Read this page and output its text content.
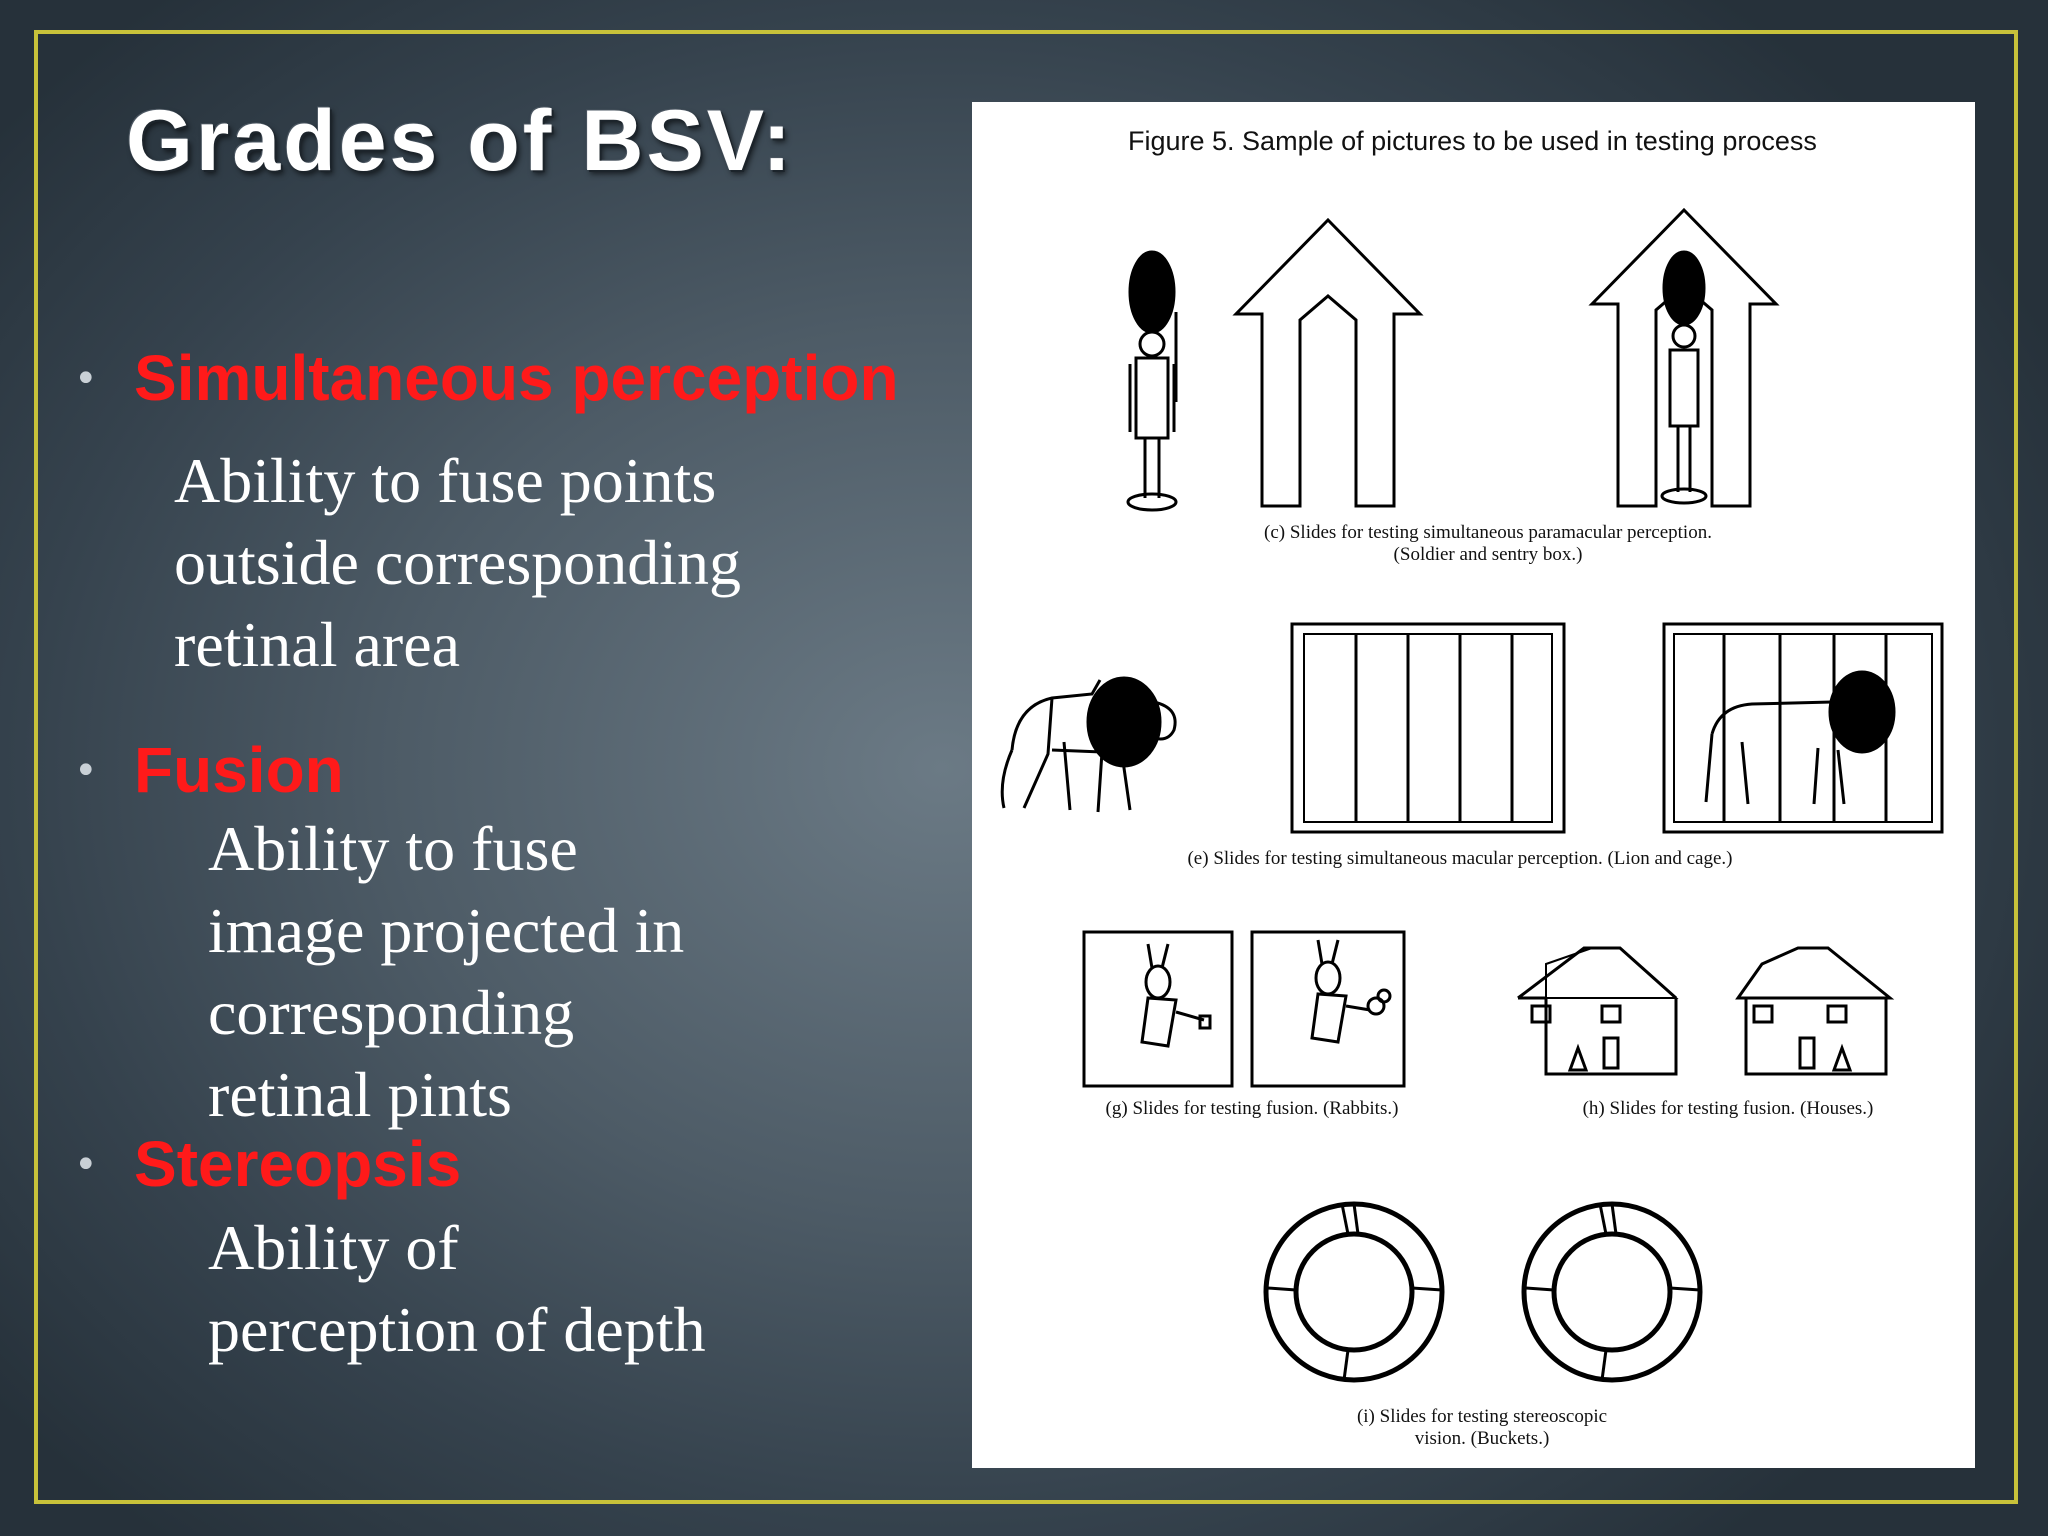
Grades of BSV:
• Simultaneous perception
Ability to fuse points
outside corresponding
retinal area
• Fusion
Ability to fuse
image projected in
corresponding
retinal pints
• Stereopsis
Ability of
perception of depth
Figure 5. Sample of pictures to be used in testing process
(c) Slides for testing simultaneous paramacular perception.
(Soldier and sentry box.)
(e) Slides for testing simultaneous macular perception. (Lion and cage.)
(g) Slides for testing fusion. (Rabbits.)	(h) Slides for testing fusion. (Houses.)
(i) Slides for testing stereoscopic
vision. (Buckets.)
